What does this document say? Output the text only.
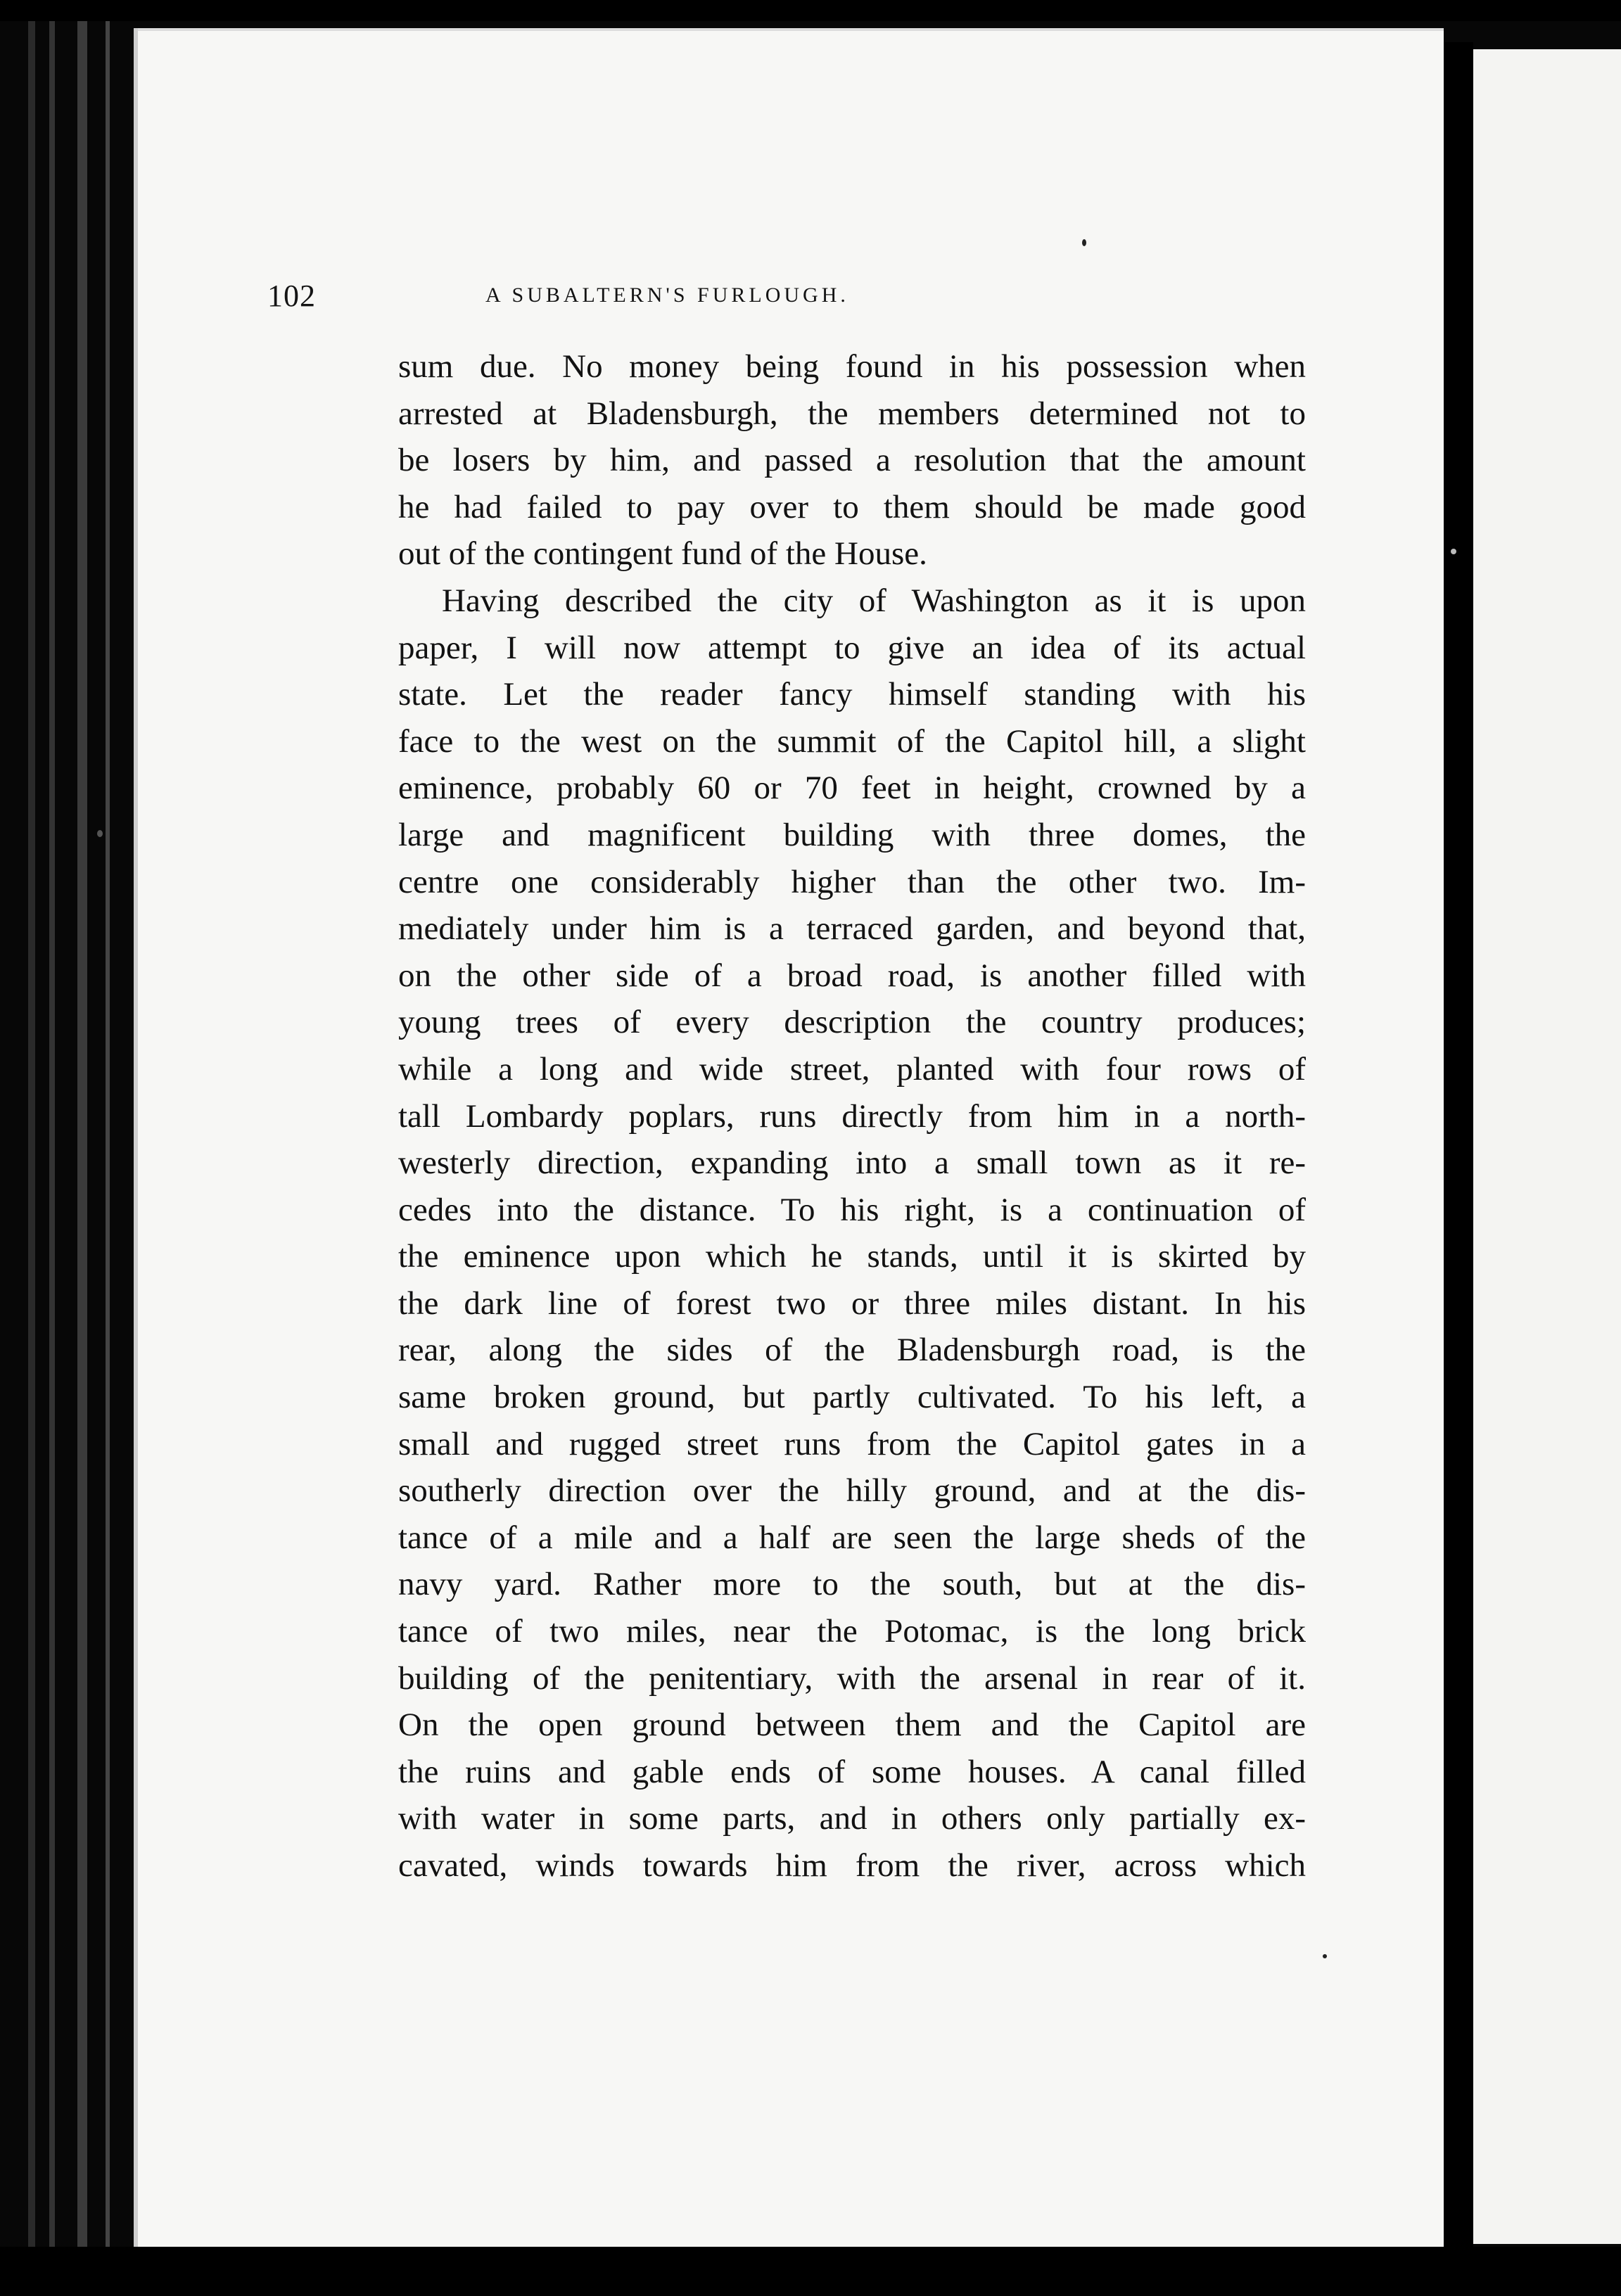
102	A SUBALTERN'S FURLOUGH.
sum due. No money being found in his possession when
arrested at Bladensburgh, the members determined not to
be losers by him, and passed a resolution that the amount
he had failed to pay over to them should be made good
out of the contingent fund of the House.
Having described the city of Washington as it is upon
paper, I will now attempt to give an idea of its actual
state. Let the reader fancy himself standing with his
face to the west on the summit of the Capitol hill, a slight
eminence, probably 60 or 70 feet in height, crowned by a
large and magnificent building with three domes, the
centre one considerably higher than the other two. Im-
mediately under him is a terraced garden, and beyond that,
on the other side of a broad road, is another filled with
young trees of every description the country produces;
while a long and wide street, planted with four rows of
tall Lombardy poplars, runs directly from him in a north-
westerly direction, expanding into a small town as it re-
cedes into the distance. To his right, is a continuation of
the eminence upon which he stands, until it is skirted by
the dark line of forest two or three miles distant. In his
rear, along the sides of the Bladensburgh road, is the
same broken ground, but partly cultivated. To his left, a
small and rugged street runs from the Capitol gates in a
southerly direction over the hilly ground, and at the dis-
tance of a mile and a half are seen the large sheds of the
navy yard. Rather more to the south, but at the dis-
tance of two miles, near the Potomac, is the long brick
building of the penitentiary, with the arsenal in rear of it.
On the open ground between them and the Capitol are
the ruins and gable ends of some houses. A canal filled
with water in some parts, and in others only partially ex-
cavated, winds towards him from the river, across which
